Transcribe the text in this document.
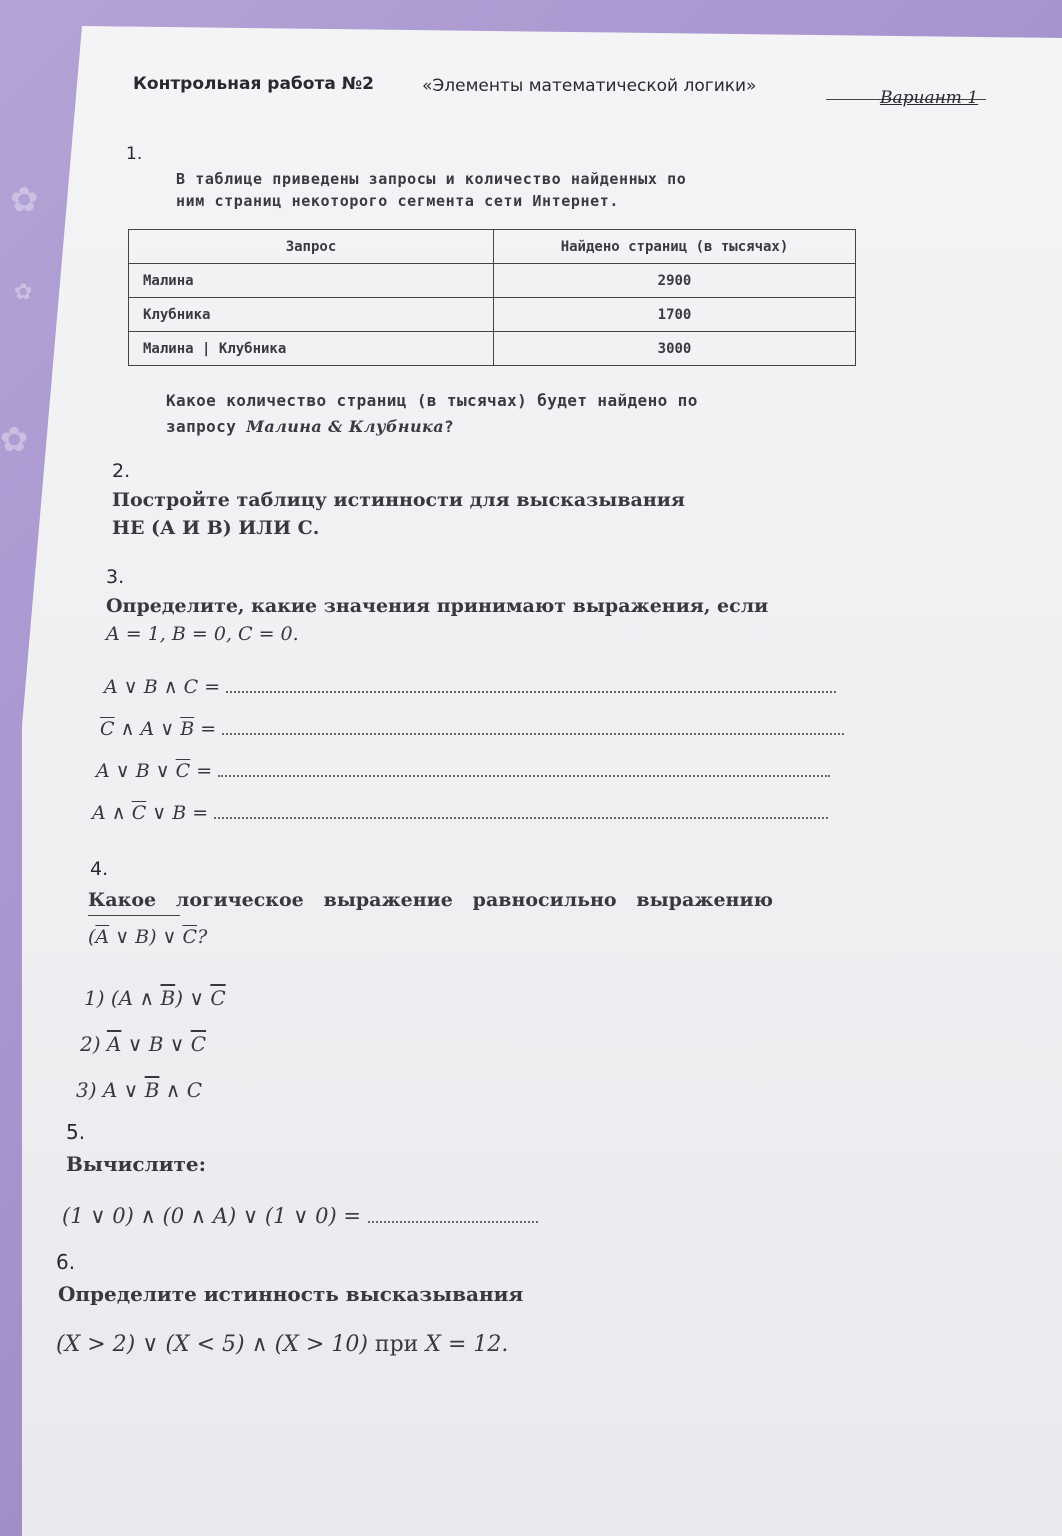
✿
✿
✿
Контрольная работа №2	«Элементы математической логики»
Вариант 1
1.
В таблице приведены запросы и количество найденных по
ним страниц некоторого сегмента сети Интернет.
Запрос	Найдено страниц (в тысячах)
Малина	2900
Клубника	1700
Малина | Клубника	3000
Какое количество страниц (в тысячах) будет найдено по
запросу Малина & Клубника?
2.
Постройте таблицу истинности для высказывания
НЕ (А И В) ИЛИ С.
3.
Определите, какие значения принимают выражения, если
A = 1, B = 0, C = 0.
A ∨ B ∧ C =
$\overline{C}$ ∧ A ∨ $\overline{B}$ =
A ∨ B ∨ $\overline{C}$ =
A ∧ $\overline{C}$ ∨ B =
4.
Какое   логическое   выражение   равносильно   выражению
($\overline{A}$ ∨ B) ∨ $\overline{C}$?
1) (A ∧ $\overline{B}$) ∨ $\overline{C}$
2) $\overline{A}$ ∨ B ∨ $\overline{C}$
3) A ∨ $\overline{B}$ ∧ C
5.
Вычислите:
(1 ∨ 0) ∧ (0 ∧ A) ∨ (1 ∨ 0) =
6.
Определите истинность высказывания
(X > 2) ∨ (X < 5) ∧ (X > 10) при X = 12.
